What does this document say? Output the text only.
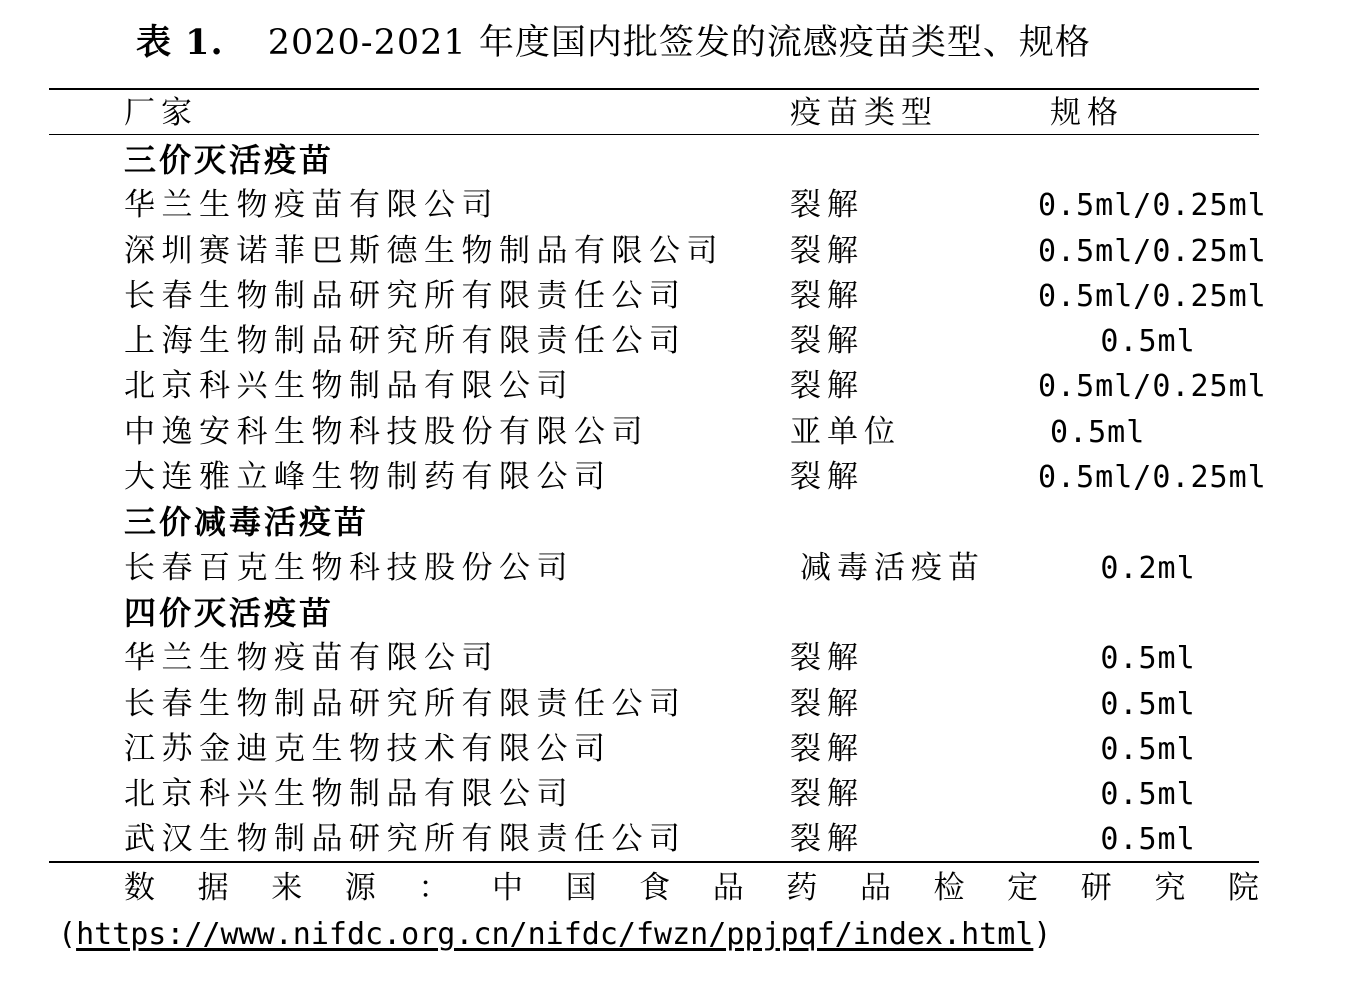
表 1. 2020-2021 年度国内批签发的流感疫苗类型、规格
厂家	疫苗类型	规格
三价灭活疫苗
华兰生物疫苗有限公司	裂解	0.5ml/0.25ml
深圳赛诺菲巴斯德生物制品有限公司 裂解	0.5ml/0.25ml
长春生物制品研究所有限责任公司	裂解	0.5ml/0.25ml
上海生物制品研究所有限责任公司	裂解	0.5ml
北京科兴生物制品有限公司	裂解	0.5ml/0.25ml
中逸安科生物科技股份有限公司	亚单位	0.5ml
大连雅立峰生物制药有限公司	裂解	0.5ml/0.25ml
三价减毒活疫苗
长春百克生物科技股份公司	减毒活疫苗	0.2ml
四价灭活疫苗
华兰生物疫苗有限公司	裂解	0.5ml
长春生物制品研究所有限责任公司	裂解	0.5ml
江苏金迪克生物技术有限公司	裂解	0.5ml
北京科兴生物制品有限公司	裂解	0.5ml
武汉生物制品研究所有限责任公司	裂解	0.5ml
数 据 来 源 ： 中 国 食 品 药 品 检 定 研 究 院
(https://www.nifdc.org.cn/nifdc/fwzn/ppjpqf/index.html)
